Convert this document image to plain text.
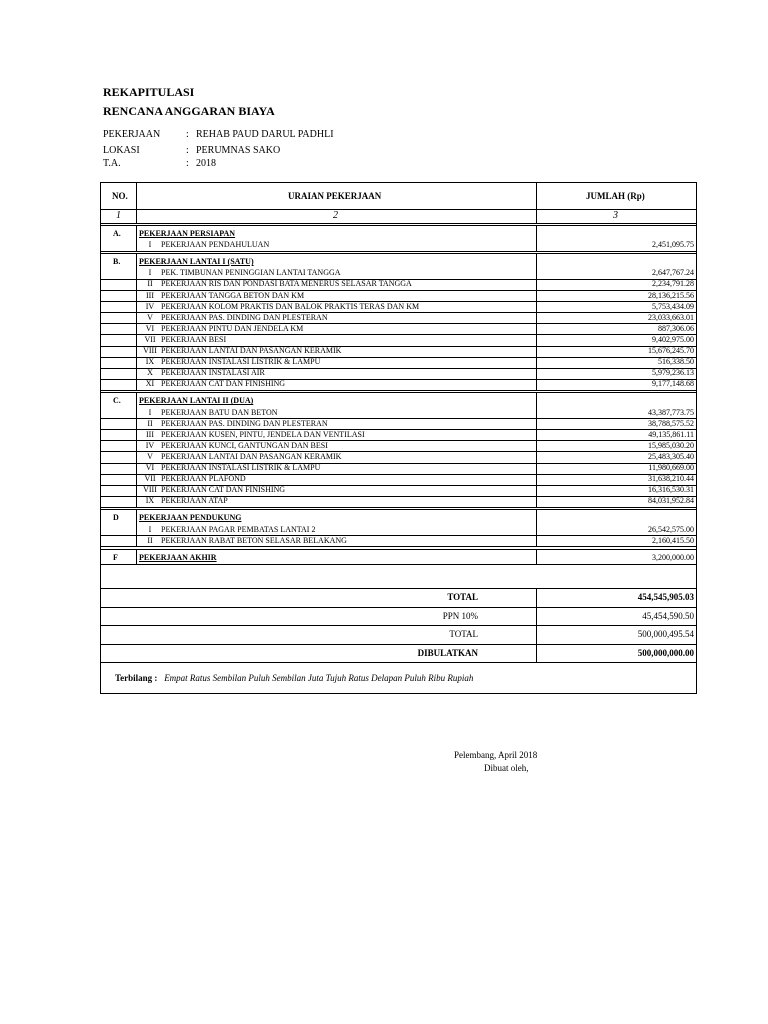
REKAPITULASI
RENCANA ANGGARAN BIAYA
PEKERJAAN	: REHAB PAUD DARUL PADHLI
LOKASI	: PERUMNAS SAKO
T.A.	: 2018
NO.	URAIAN PEKERJAAN	JUMLAH (Rp)
1	2	3
A. PEKERJAAN PERSIAPAN
I	PEKERJAAN PENDAHULUAN	2,451,095.75
B. PEKERJAAN LANTAI I (SATU)
I	PEK. TIMBUNAN PENINGGIAN LANTAI TANGGA	2,647,767.24
II	PEKERJAAN RIS DAN PONDASI BATA MENERUS SELASAR TANGGA	2,234,791.28
III PEKERJAAN TANGGA BETON DAN KM	28,136,215.56
IV PEKERJAAN KOLOM PRAKTIS DAN BALOK PRAKTIS TERAS DAN KM	5,753,434.09
V	PEKERJAAN PAS. DINDING DAN PLESTERAN	23,033,663.01
VI PEKERJAAN PINTU DAN JENDELA KM	887,306.06
VII PEKERJAAN BESI	9,402,975.00
VIII PEKERJAAN LANTAI DAN PASANGAN KERAMIK	15,676,245.70
IX PEKERJAAN INSTALASI LISTRIK & LAMPU	516,338.50
X	PEKERJAAN INSTALASI AIR	5,979,236.13
XI PEKERJAAN CAT DAN FINISHING	9,177,148.68
C. PEKERJAAN LANTAI II (DUA)
I	PEKERJAAN BATU DAN BETON	43,387,773.75
II	PEKERJAAN PAS. DINDING DAN PLESTERAN	38,788,575.52
III PEKERJAAN KUSEN, PINTU, JENDELA DAN VENTILASI	49,135,861.11
IV PEKERJAAN KUNCI, GANTUNGAN DAN BESI	15,985,030.20
V	PEKERJAAN LANTAI DAN PASANGAN KERAMIK	25,483,305.40
VI PEKERJAAN INSTALASI LISTRIK & LAMPU	11,980,669.00
VII PEKERJAAN PLAFOND	31,638,210.44
VIII PEKERJAAN CAT DAN FINISHING	16,316,530.31
IX PEKERJAAN ATAP	84,031,952.84
D	PEKERJAAN PENDUKUNG
I	PEKERJAAN PAGAR PEMBATAS LANTAI 2	26,542,575.00
II	PEKERJAAN RABAT BETON SELASAR BELAKANG	2,160,415.50
F	PEKERJAAN AKHIR	3,200,000.00
TOTAL	454,545,905.03
PPN 10%	45,454,590.50
TOTAL	500,000,495.54
DIBULATKAN	500,000,000.00
Terbilang : Empat Ratus Sembilan Puluh Sembilan Juta Tujuh Ratus Delapan Puluh Ribu Rupiah
Pelembang, April 2018
Dibuat oleh,
